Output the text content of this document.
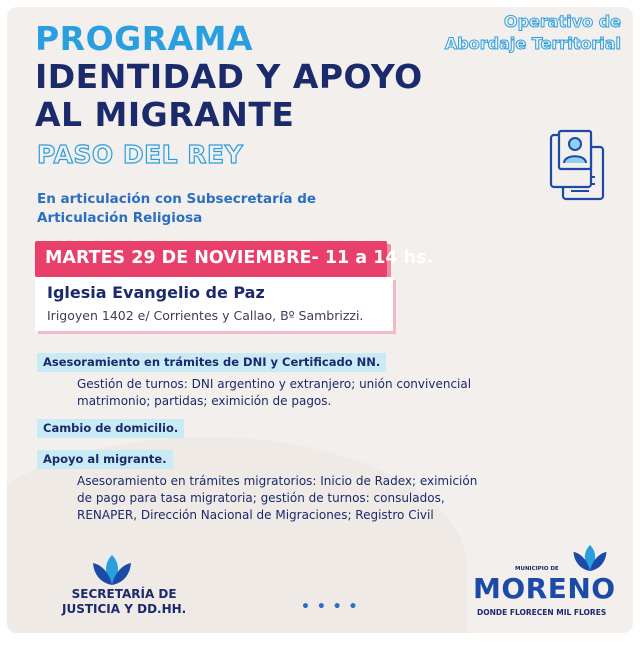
PROGRAMA
IDENTIDAD Y APOYO
AL MIGRANTE
PASO DEL REY
Operativo de
Abordaje Territorial
En articulación con Subsecretaría de
Articulación Religiosa
MARTES 29 DE NOVIEMBRE- 11 a 14 hs.
Iglesia Evangelio de Paz
Irigoyen 1402 e/ Corrientes y Callao, Bº Sambrizzi.
Asesoramiento en trámites de DNI y Certificado NN.
Gestión de turnos: DNI argentino y extranjero; unión convivencial
matrimonio; partidas; eximición de pagos.
Cambio de domicilio.
Apoyo al migrante.
Asesoramiento en trámites migratorios: Inicio de Radex; eximición
de pago para tasa migratoria; gestión de turnos: consulados,
RENAPER, Dirección Nacional de Migraciones; Registro Civil
SECRETARÍA DE
JUSTICIA Y DD.HH.	• • • •
MUNICIPIO DE
MORENO
DONDE FLORECEN MIL FLORES
